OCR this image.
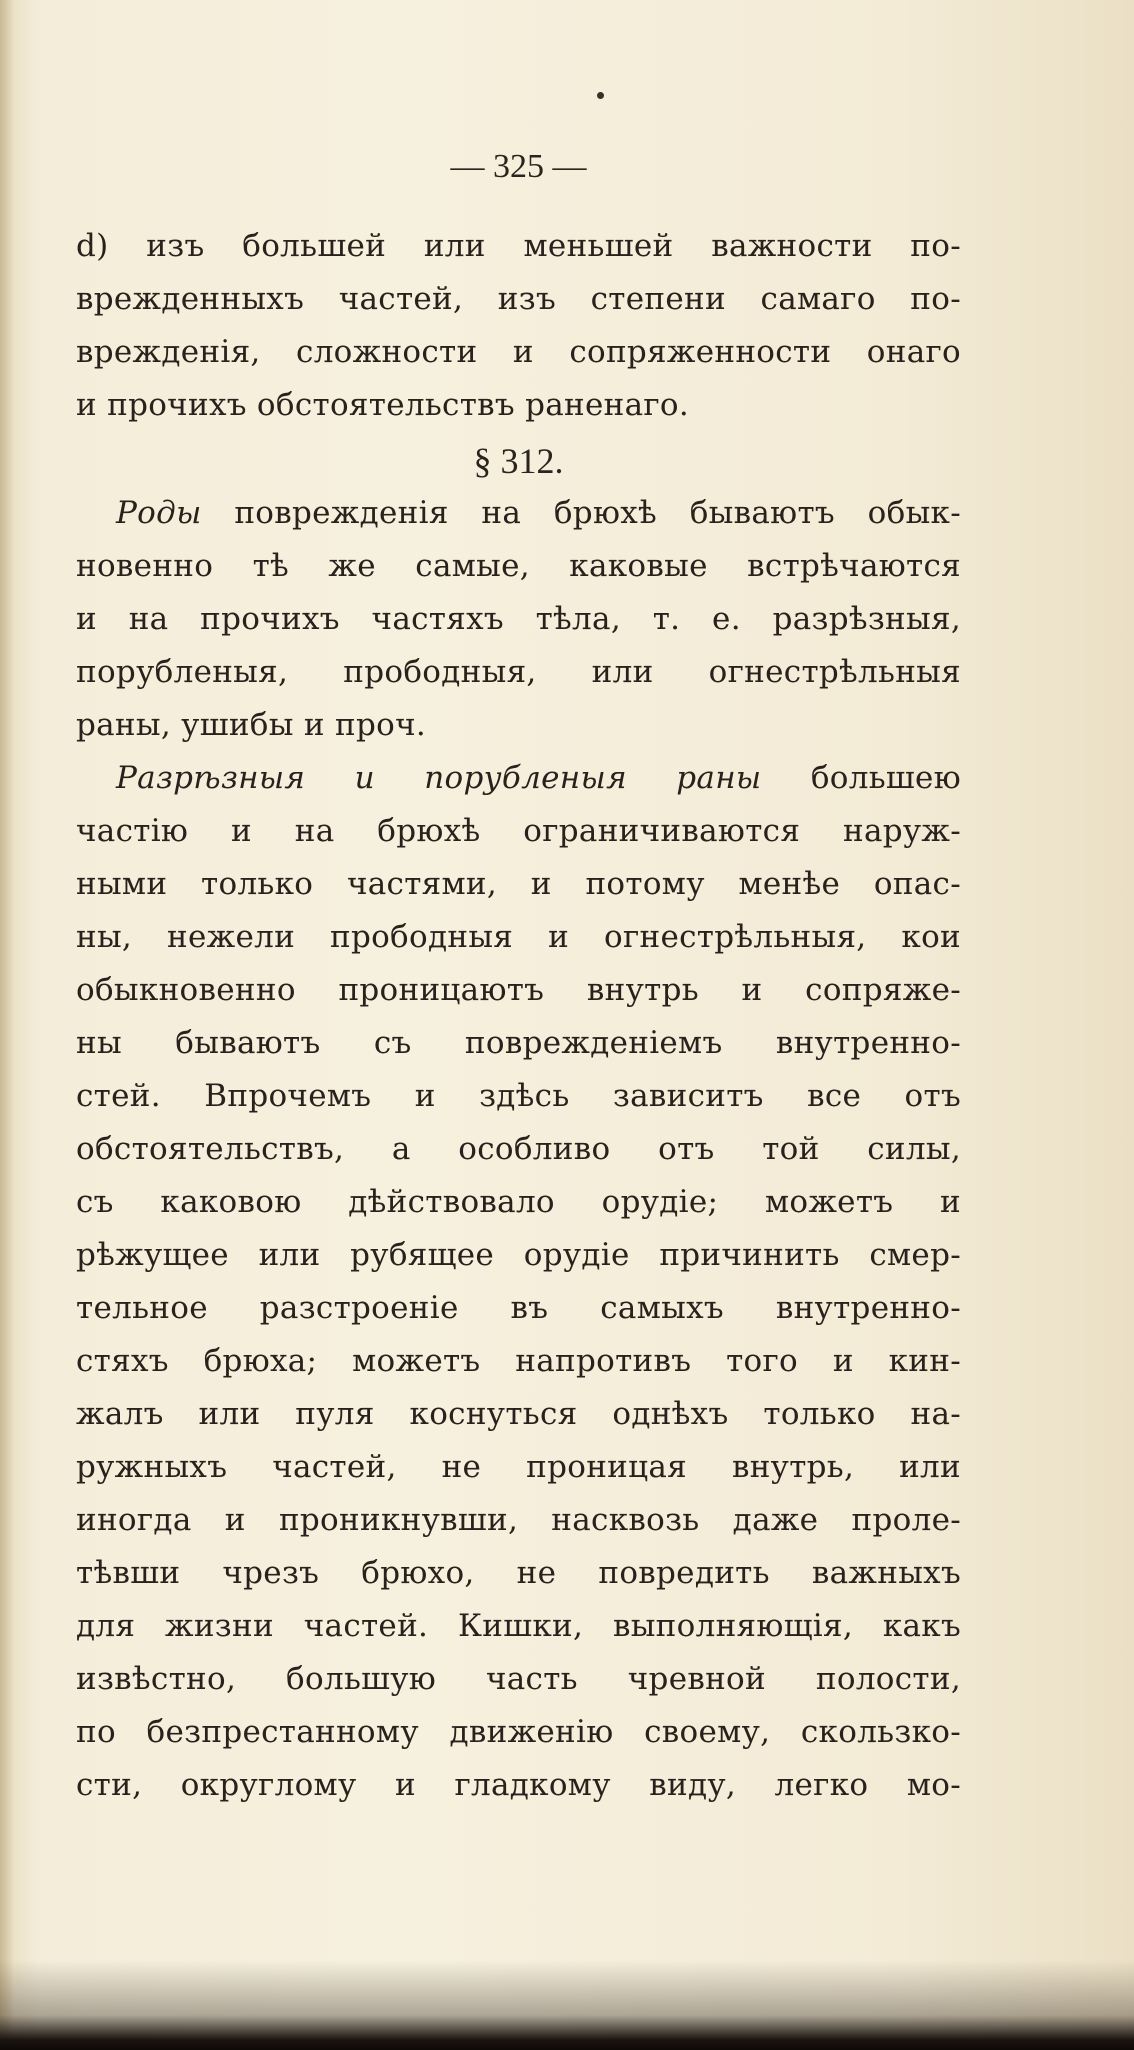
— 325 —
d) изъ большей или меньшей важности по-
врежденныхъ частей, изъ степени самаго по-
врежденія, сложности и сопряженности онаго
и прочихъ обстоятельствъ раненаго.
§ 312.
Роды поврежденія на брюхѣ бываютъ обык-
новенно тѣ же самые, каковые встрѣчаются
и на прочихъ частяхъ тѣла, т. е. разрѣзныя,
порубленыя, прободныя, или огнестрѣльныя
раны, ушибы и проч.
Разрѣзныя и порубленыя раны большею
частію и на брюхѣ ограничиваются наруж-
ными только частями, и потому менѣе опас-
ны, нежели прободныя и огнестрѣльныя, кои
обыкновенно проницаютъ внутрь и сопряже-
ны бываютъ съ поврежденіемъ внутренно-
стей. Впрочемъ и здѣсь зависитъ все отъ
обстоятельствъ, а особливо отъ той силы,
съ каковою дѣйствовало орудіе; можетъ и
рѣжущее или рубящее орудіе причинить смер-
тельное разстроеніе въ самыхъ внутренно-
стяхъ брюха; можетъ напротивъ того и кин-
жалъ или пуля коснуться однѣхъ только на-
ружныхъ частей, не проницая внутрь, или
иногда и проникнувши, насквозь даже проле-
тѣвши чрезъ брюхо, не повредить важныхъ
для жизни частей. Кишки, выполняющія, какъ
извѣстно, большую часть чревной полости,
по безпрестанному движенію своему, скользко-
сти, округлому и гладкому виду, легко мо-
